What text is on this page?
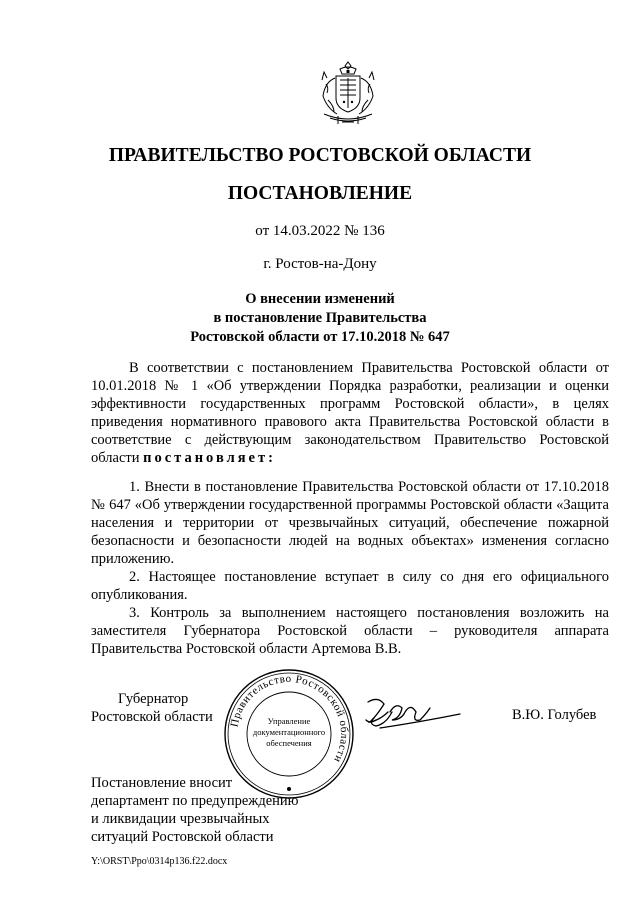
ПРАВИТЕЛЬСТВО РОСТОВСКОЙ ОБЛАСТИ
ПОСТАНОВЛЕНИЕ
от 14.03.2022 № 136
г. Ростов-на-Дону
О внесении изменений
в постановление Правительства
Ростовской области от 17.10.2018 № 647
В соответствии с постановлением Правительства Ростовской области от 10.01.2018 № 1 «Об утверждении Порядка разработки, реализации и оценки эффективности государственных программ Ростовской области», в целях приведения нормативного правового акта Правительства Ростовской области в соответствие с действующим законодательством Правительство Ростовской области постановляет:

1. Внести в постановление Правительства Ростовской области от 17.10.2018 № 647 «Об утверждении государственной программы Ростовской области «Защита населения и территории от чрезвычайных ситуаций, обеспечение пожарной безопасности и безопасности людей на водных объектах» изменения согласно приложению.

2. Настоящее постановление вступает в силу со дня его официального опубликования.

3. Контроль за выполнением настоящего постановления возложить на заместителя Губернатора Ростовской области – руководителя аппарата Правительства Ростовской области Артемова В.В.

Губернатор
Ростовской области Правительство Ростовской области
Управление
документационного
обеспечения
В.Ю. Голубев
Постановление вносит
департамент по предупреждению
и ликвидации чрезвычайных
ситуаций Ростовской области
Y:\ORST\Ppo\0314p136.f22.docx
